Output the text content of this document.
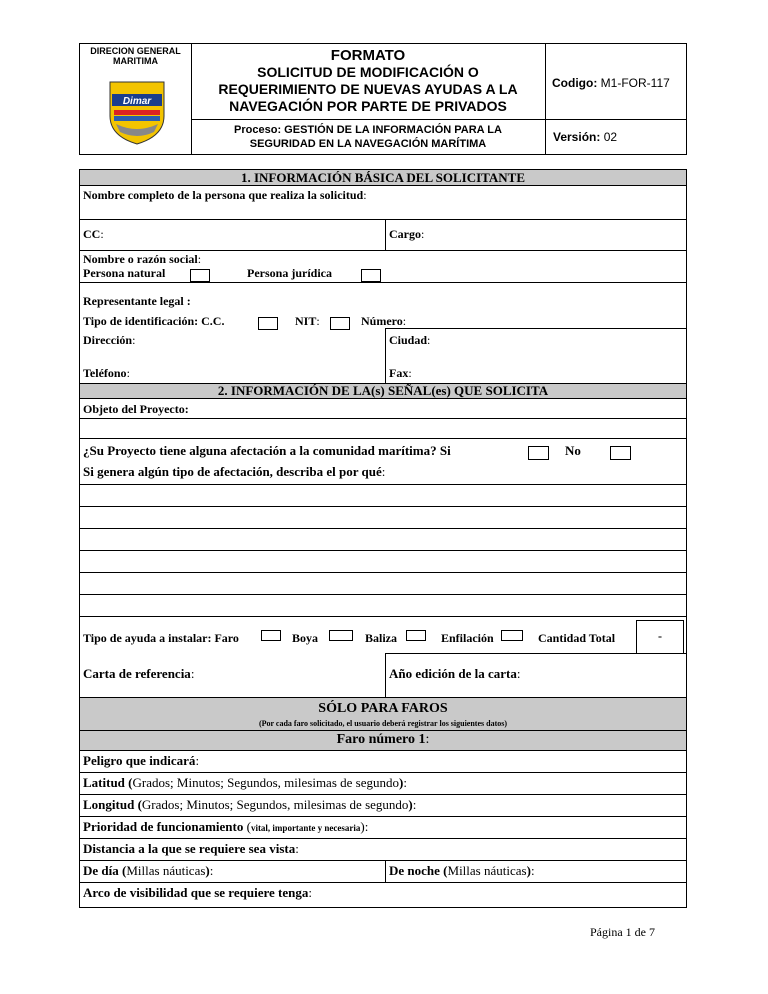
DIRECION GENERAL MARITIMA
Dimar
FORMATO
SOLICITUD DE MODIFICACIÓN O REQUERIMIENTO DE NUEVAS AYUDAS A LA NAVEGACIÓN POR PARTE DE PRIVADOS
Proceso: GESTIÓN DE LA INFORMACIÓN PARA LA SEGURIDAD EN LA NAVEGACIÓN MARÍTIMA
Codigo: M1-FOR-117
Versión: 02
1. INFORMACIÓN BÁSICA DEL SOLICITANTE
Nombre completo de la persona que realiza la solicitud:
CC:	Cargo:
Nombre o razón social:
Persona natural	Persona jurídica
Representante legal :
Tipo de identificación: C.C.	NIT:	Número:
Dirección:	Ciudad:
Teléfono:	Fax:
2. INFORMACIÓN DE LA(s) SEÑAL(es) QUE SOLICITA
Objeto del Proyecto:
¿Su Proyecto tiene alguna afectación a la comunidad marítima? Si	No
Si genera algún tipo de afectación, describa el por qué:
Tipo de ayuda a instalar: Faro	Boya	Baliza	Enfilación	Cantidad Total	-
Carta de referencia:	Año edición de la carta:
SÓLO PARA FAROS
(Por cada faro solicitado, el usuario deberá registrar los siguientes datos)
Faro número 1:
Peligro que indicará:
Latitud (Grados; Minutos; Segundos, milesimas de segundo):
Longitud (Grados; Minutos; Segundos, milesimas de segundo):
Prioridad de funcionamiento (vital, importante y necesaria):
Distancia a la que se requiere sea vista:
De día (Millas náuticas):	De noche (Millas náuticas):
Arco de visibilidad que se requiere tenga:
Página 1 de 7
